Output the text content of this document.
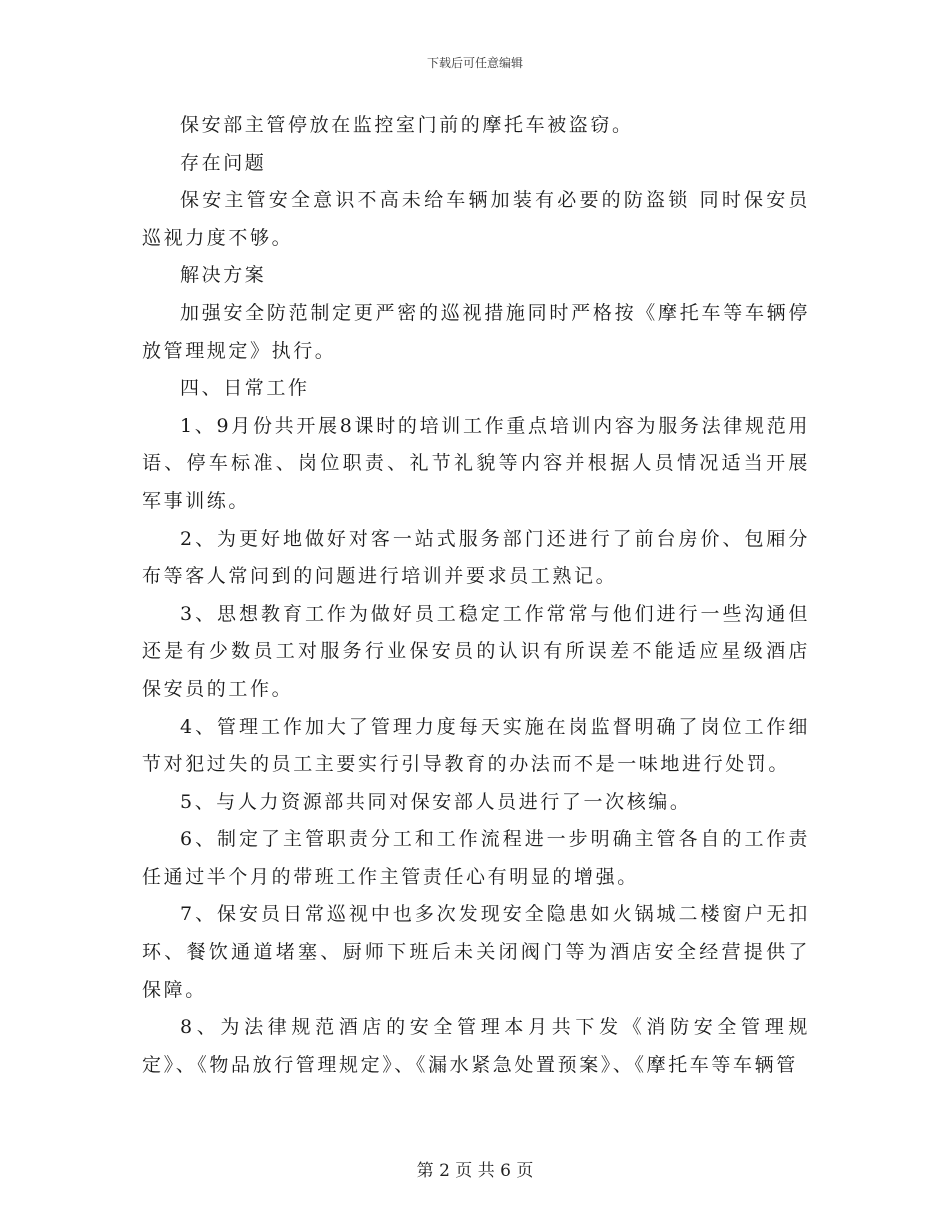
下载后可任意编辑

保安部主管停放在监控室门前的摩托车被盗窃。

存在问题

保安主管安全意识不高未给车辆加装有必要的防盗锁 同时保安员巡视力度不够。

解决方案

加强安全防范制定更严密的巡视措施同时严格按《摩托车等车辆停放管理规定》执行。

四、日常工作

1、9月份共开展8课时的培训工作重点培训内容为服务法律规范用语、停车标准、岗位职责、礼节礼貌等内容并根据人员情况适当开展军事训练。

2、为更好地做好对客一站式服务部门还进行了前台房价、包厢分布等客人常问到的问题进行培训并要求员工熟记。

3、思想教育工作为做好员工稳定工作常常与他们进行一些沟通但还是有少数员工对服务行业保安员的认识有所误差不能适应星级酒店保安员的工作。

4、管理工作加大了管理力度每天实施在岗监督明确了岗位工作细节对犯过失的员工主要实行引导教育的办法而不是一味地进行处罚。

5、与人力资源部共同对保安部人员进行了一次核编。

6、制定了主管职责分工和工作流程进一步明确主管各自的工作责任通过半个月的带班工作主管责任心有明显的增强。

7、保安员日常巡视中也多次发现安全隐患如火锅城二楼窗户无扣环、餐饮通道堵塞、厨师下班后未关闭阀门等为酒店安全经营提供了保障。

8、为法律规范酒店的安全管理本月共下发《消防安全管理规定》、《物品放行管理规定》、《漏水紧急处置预案》、《摩托车等车辆管

第 2 页 共 6 页
